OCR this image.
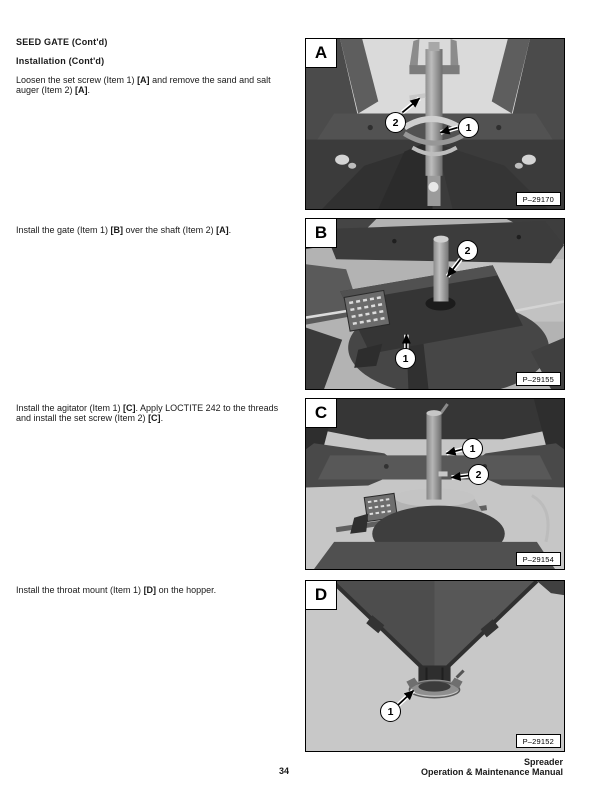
SEED GATE (Cont'd)
Installation (Cont'd)

Loosen the set screw (Item 1) [A] and remove the sand and salt auger (Item 2) [A].

Install the gate (Item 1) [B] over the shaft (Item 2) [A].

Install the agitator (Item 1) [C]. Apply LOCTITE 242 to the threads and install the set screw (Item 2) [C].

Install the throat mount (Item 1) [D] on the hopper.

2	1
A
P–29170
2
1
B
P–29155
1
2
C
P–29154
1
D
P–29152
34
Spreader
Operation & Maintenance Manual
